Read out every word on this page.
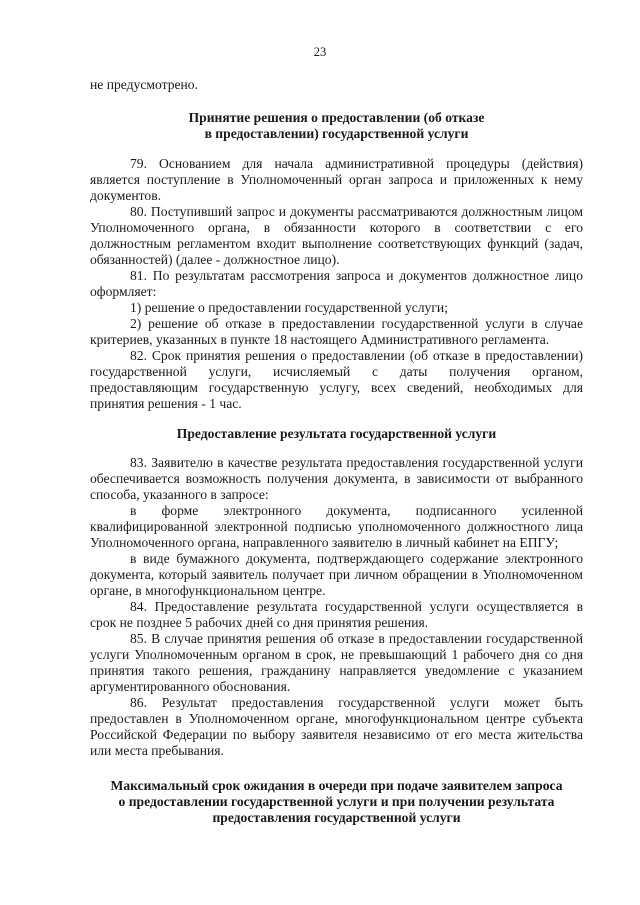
23

не предусмотрено.

Принятие решения о предоставлении (об отказе

в предоставлении) государственной услуги

79. Основанием для начала административной процедуры (действия) является поступление в Уполномоченный орган запроса и приложенных к нему документов.

80. Поступивший запрос и документы рассматриваются должностным лицом Уполномоченного органа, в обязанности которого в соответствии с его должностным регламентом входит выполнение соответствующих функций (задач, обязанностей) (далее - должностное лицо).

81. По результатам рассмотрения запроса и документов должностное лицо оформляет:

1) решение о предоставлении государственной услуги;

2) решение об отказе в предоставлении государственной услуги в случае критериев, указанных в пункте 18 настоящего Административного регламента.

82. Срок принятия решения о предоставлении (об отказе в предоставлении) государственной услуги, исчисляемый с даты получения органом, предоставляющим государственную услугу, всех сведений, необходимых для принятия решения - 1 час.

Предоставление результата государственной услуги

83. Заявителю в качестве результата предоставления государственной услуги обеспечивается возможность получения документа, в зависимости от выбранного способа, указанного в запросе:

в форме электронного документа, подписанного усиленной квалифицированной электронной подписью уполномоченного должностного лица Уполномоченного органа, направленного заявителю в личный кабинет на ЕПГУ;

в виде бумажного документа, подтверждающего содержание электронного документа, который заявитель получает при личном обращении в Уполномоченном органе, в многофункциональном центре.

84. Предоставление результата государственной услуги осуществляется в срок не позднее 5 рабочих дней со дня принятия решения.

85. В случае принятия решения об отказе в предоставлении государственной услуги Уполномоченным органом в срок, не превышающий 1 рабочего дня со дня принятия такого решения, гражданину направляется уведомление с указанием аргументированного обоснования.

86. Результат предоставления государственной услуги может быть предоставлен в Уполномоченном органе, многофункциональном центре субъекта Российской Федерации по выбору заявителя независимо от его места жительства или места пребывания.

Максимальный срок ожидания в очереди при подаче заявителем запроса

о предоставлении государственной услуги и при получении результата

предоставления государственной услуги
